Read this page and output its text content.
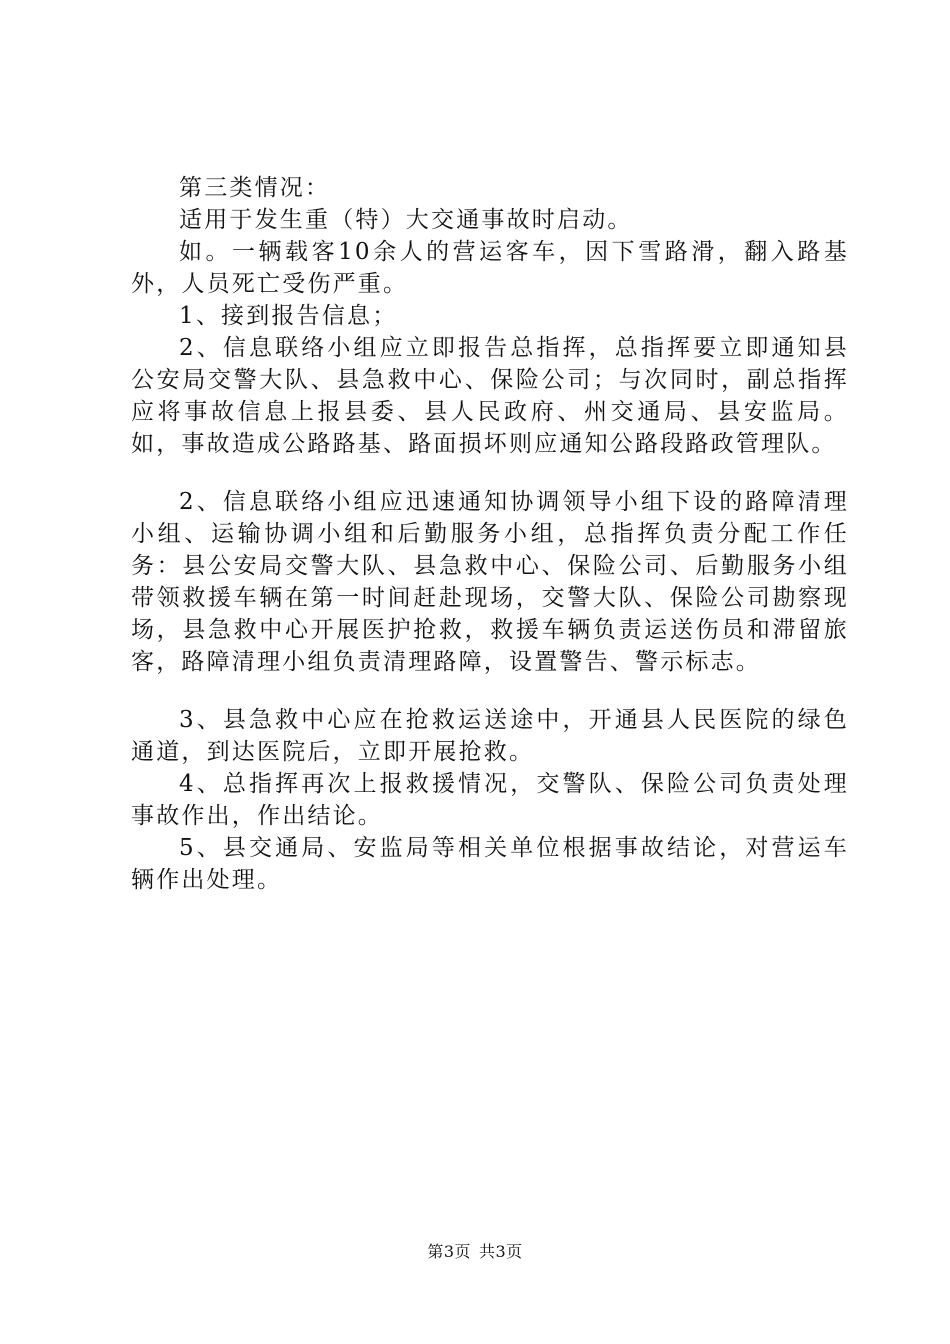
第三类情况：

适用于发生重（特）大交通事故时启动。

如。一辆载客10余人的营运客车，因下雪路滑，翻入路基外，人员死亡受伤严重。

1、接到报告信息；

2、信息联络小组应立即报告总指挥，总指挥要立即通知县公安局交警大队、县急救中心、保险公司；与次同时，副总指挥应将事故信息上报县委、县人民政府、州交通局、县安监局。如，事故造成公路路基、路面损坏则应通知公路段路政管理队。

2、信息联络小组应迅速通知协调领导小组下设的路障清理小组、运输协调小组和后勤服务小组，总指挥负责分配工作任务：县公安局交警大队、县急救中心、保险公司、后勤服务小组带领救援车辆在第一时间赶赴现场，交警大队、保险公司勘察现场，县急救中心开展医护抢救，救援车辆负责运送伤员和滞留旅客，路障清理小组负责清理路障，设置警告、警示标志。

3、县急救中心应在抢救运送途中，开通县人民医院的绿色通道，到达医院后，立即开展抢救。

4、总指挥再次上报救援情况，交警队、保险公司负责处理事故作出，作出结论。

5、县交通局、安监局等相关单位根据事故结论，对营运车辆作出处理。

第3页 共3页
